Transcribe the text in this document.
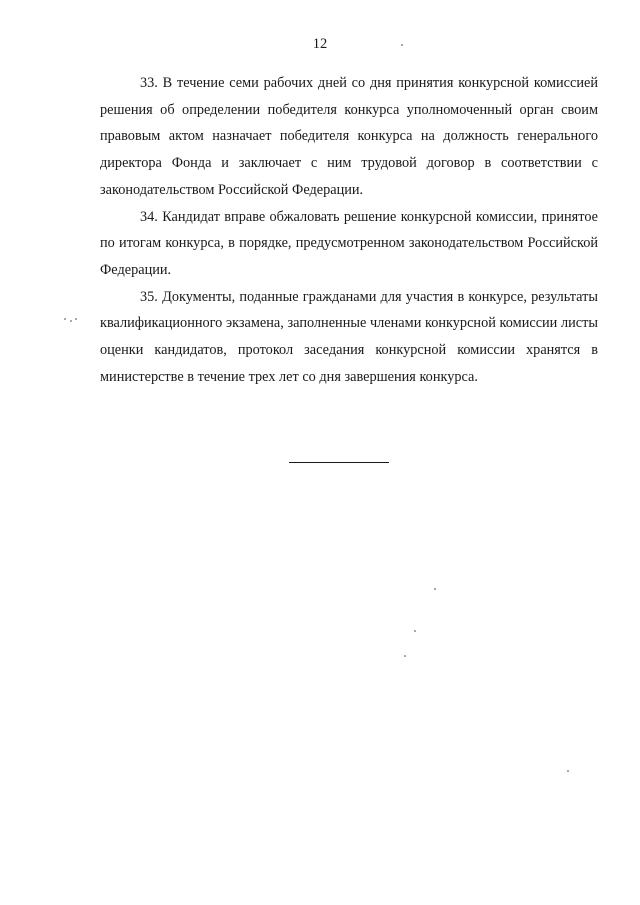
12

33. В течение семи рабочих дней со дня принятия конкурсной комиссией решения об определении победителя конкурса уполномоченный орган своим правовым актом назначает победителя конкурса на должность генерального директора Фонда и заключает с ним трудовой договор в соответствии с законодательством Российской Федерации.

34. Кандидат вправе обжаловать решение конкурсной комиссии, принятое по итогам конкурса, в порядке, предусмотренном законодательством Российской Федерации.

35. Документы, поданные гражданами для участия в конкурсе, результаты квалификационного экзамена, заполненные членами конкурсной комиссии листы оценки кандидатов, протокол заседания конкурсной комиссии хранятся в министерстве в течение трех лет со дня завершения конкурса.
